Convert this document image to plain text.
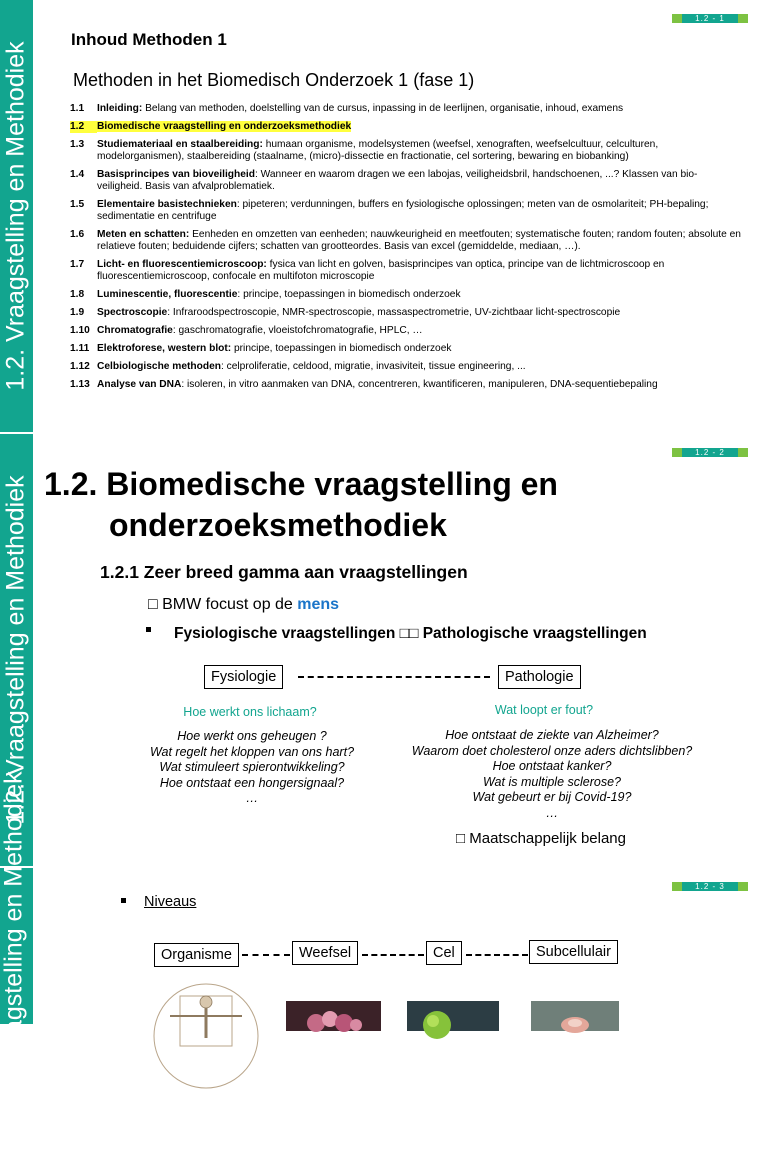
1.2. Vraagstelling en Methodiek
1.2 - 1
Inhoud Methoden 1
Methoden in het Biomedisch Onderzoek 1 (fase 1)
1.1	Inleiding: Belang van methoden, doelstelling van de cursus, inpassing in de leerlijnen, organisatie, inhoud, examens
1.2	Biomedische vraagstelling en onderzoeksmethodiek
1.3	Studiemateriaal en staalbereiding: humaan organisme, modelsystemen (weefsel, xenograften, weefselcultuur, celculturen, modelorganismen), staalbereiding (staalname, (micro)-dissectie en fractionatie, cel sortering, bewaring en biobanking)
1.4	Basisprincipes van bioveiligheid: Wanneer en waarom dragen we een labojas, veiligheidsbril, handschoenen, ...? Klassen van bio-veiligheid. Basis van afvalproblematiek.
1.5	Elementaire basistechnieken: pipeteren; verdunningen, buffers en fysiologische oplossingen; meten van de osmolariteit; PH-bepaling; sedimentatie en centrifuge
1.6	Meten en schatten: Eenheden en omzetten van eenheden; nauwkeurigheid en meetfouten; systematische fouten; random fouten; absolute en relatieve fouten; beduidende cijfers; schatten van grootteordes. Basis van excel (gemiddelde, mediaan, …).
1.7	Licht- en fluorescentiemicroscoop: fysica van licht en golven, basisprincipes van optica, principe van de lichtmicroscoop en fluorescentiemicroscoop, confocale en multifoton microscopie
1.8	Luminescentie, fluorescentie: principe, toepassingen in biomedisch onderzoek
1.9	Spectroscopie: Infraroodspectroscopie, NMR-spectroscopie, massaspectrometrie, UV-zichtbaar licht-spectroscopie
1.10 Chromatografie: gaschromatografie, vloeistofchromatografie, HPLC, …
1.11 Elektroforese, western blot: principe, toepassingen in biomedisch onderzoek
1.12 Celbiologische methoden: celproliferatie, celdood, migratie, invasiviteit, tissue engineering, ...
1.13 Analyse van DNA: isoleren, in vitro aanmaken van DNA, concentreren, kwantificeren, manipuleren, DNA-sequentiebepaling
1.2. Vraagstelling en Methodiek
1.2 - 2
1.2. Biomedische vraagstelling en
onderzoeksmethodiek
1.2.1 Zeer breed gamma aan vraagstellingen
□ BMW focust op de mens
Fysiologische vraagstellingen □□ Pathologische vraagstellingen
Fysiologie	Pathologie
Hoe werkt ons lichaam?	Wat loopt er fout?
Hoe werkt ons geheugen ?
Wat regelt het kloppen van ons hart?
Wat stimuleert spierontwikkeling?
Hoe ontstaat een hongersignaal?
…
Hoe ontstaat de ziekte van Alzheimer?
Waarom doet cholesterol onze aders dichtslibben?
Hoe ontstaat kanker?
Wat is multiple sclerose?
Wat gebeurt er bij Covid-19?
…
□ Maatschappelijk belang
1.2. Vraagstelling en Methodiek	1.2 - 3
Niveaus
Organisme	Weefsel	Cel	Subcellulair
